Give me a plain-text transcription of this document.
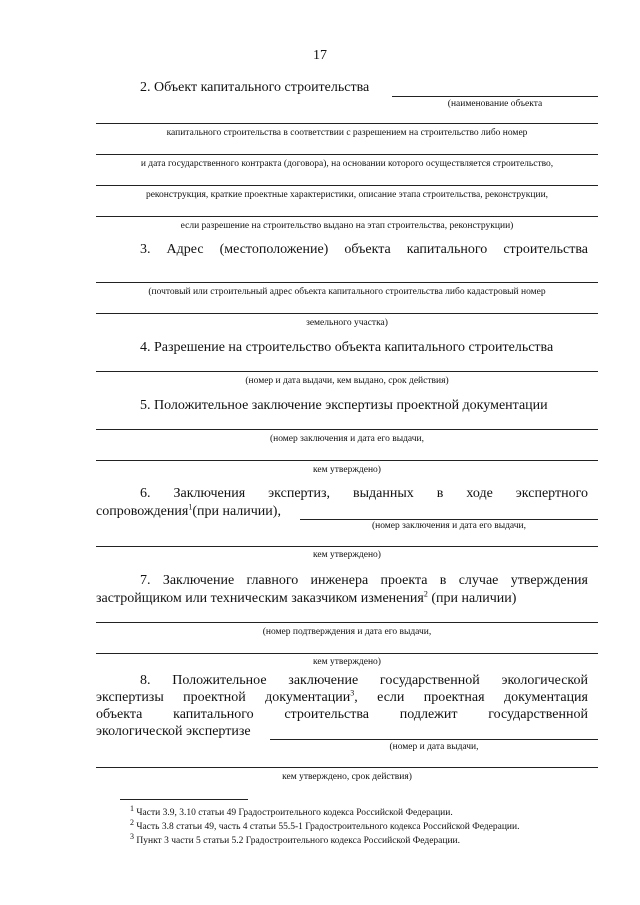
17
2. Объект капитального строительства
(наименование объекта
капитального строительства в соответствии с разрешением на строительство либо номер
и дата государственного контракта (договора), на основании которого осуществляется строительство,
реконструкция, краткие проектные характеристики, описание этапа строительства, реконструкции,
если разрешение на строительство выдано на этап строительства, реконструкции)
3. Адрес (местоположение) объекта капитального строительства
(почтовый или строительный адрес объекта капитального строительства либо кадастровый номер
земельного участка)
4. Разрешение на строительство объекта капитального строительства
(номер и дата выдачи, кем выдано, срок действия)
5. Положительное заключение экспертизы проектной документации
(номер заключения и дата его выдачи,
кем утверждено)
6. Заключения экспертиз, выданных в ходе экспертного
сопровождения$^1$(при наличии),
(номер заключения и дата его выдачи,
кем утверждено)
7. Заключение главного инженера проекта в случае утверждения
застройщиком или техническим заказчиком изменения$^2$ (при наличии)
(номер подтверждения и дата его выдачи,
кем утверждено)
8. Положительное заключение государственной экологической
экспертизы проектной документации$^3$, если проектная документация
объекта капитального строительства подлежит государственной
экологической экспертизе
(номер и дата выдачи,
кем утверждено, срок действия)
$^1$ Части 3.9, 3.10 статьи 49 Градостроительного кодекса Российской Федерации.
$^2$ Часть 3.8 статьи 49, часть 4 статьи 55.5-1 Градостроительного кодекса Российской Федерации.
$^3$ Пункт 3 части 5 статьи 5.2 Градостроительного кодекса Российской Федерации.
